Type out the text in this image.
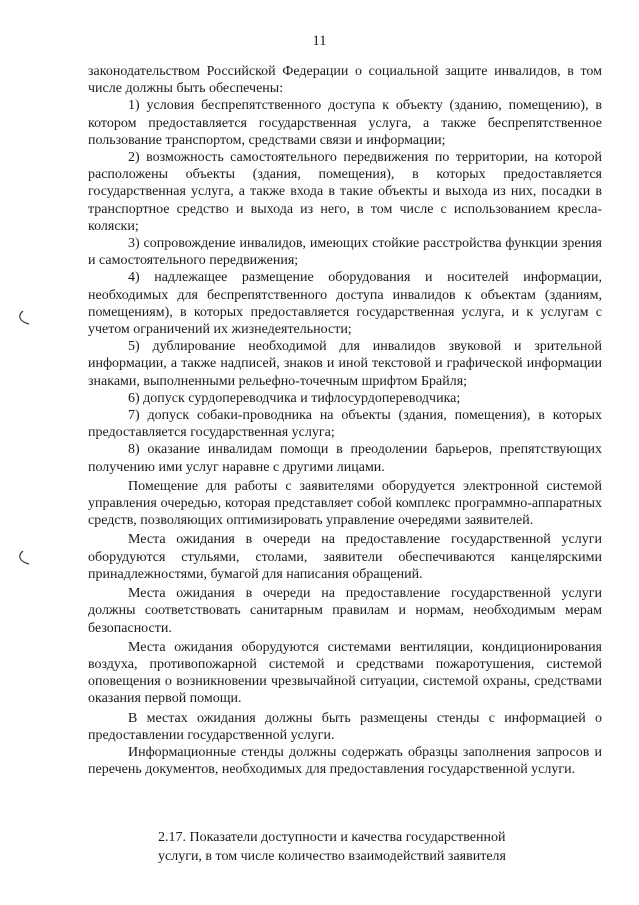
11

законодательством Российской Федерации о социальной защите инвалидов, в том числе должны быть обеспечены:

1) условия беспрепятственного доступа к объекту (зданию, помещению), в котором предоставляется государственная услуга, а также беспрепятственное пользование транспортом, средствами связи и информации;

2) возможность самостоятельного передвижения по территории, на которой расположены объекты (здания, помещения), в которых предоставляется государственная услуга, а также входа в такие объекты и выхода из них, посадки в транспортное средство и выхода из него, в том числе с использованием кресла-коляски;

3) сопровождение инвалидов, имеющих стойкие расстройства функции зрения и самостоятельного передвижения;

4) надлежащее размещение оборудования и носителей информации, необходимых для беспрепятственного доступа инвалидов к объектам (зданиям, помещениям), в которых предоставляется государственная услуга, и к услугам с учетом ограничений их жизнедеятельности;

5) дублирование необходимой для инвалидов звуковой и зрительной информации, а также надписей, знаков и иной текстовой и графической информации знаками, выполненными рельефно-точечным шрифтом Брайля;

6) допуск сурдопереводчика и тифлосурдопереводчика;

7) допуск собаки-проводника на объекты (здания, помещения), в которых предоставляется государственная услуга;

8) оказание инвалидам помощи в преодолении барьеров, препятствующих получению ими услуг наравне с другими лицами.

Помещение для работы с заявителями оборудуется электронной системой управления очередью, которая представляет собой комплекс программно-аппаратных средств, позволяющих оптимизировать управление очередями заявителей.

Места ожидания в очереди на предоставление государственной услуги оборудуются стульями, столами, заявители обеспечиваются канцелярскими принадлежностями, бумагой для написания обращений.

Места ожидания в очереди на предоставление государственной услуги должны соответствовать санитарным правилам и нормам, необходимым мерам безопасности.

Места ожидания оборудуются системами вентиляции, кондиционирования воздуха, противопожарной системой и средствами пожаротушения, системой оповещения о возникновении чрезвычайной ситуации, системой охраны, средствами оказания первой помощи.

В местах ожидания должны быть размещены стенды с информацией о предоставлении государственной услуги.

Информационные стенды должны содержать образцы заполнения запросов и перечень документов, необходимых для предоставления государственной услуги.

2.17. Показатели доступности и качества государственной
услуги, в том числе количество взаимодействий заявителя
